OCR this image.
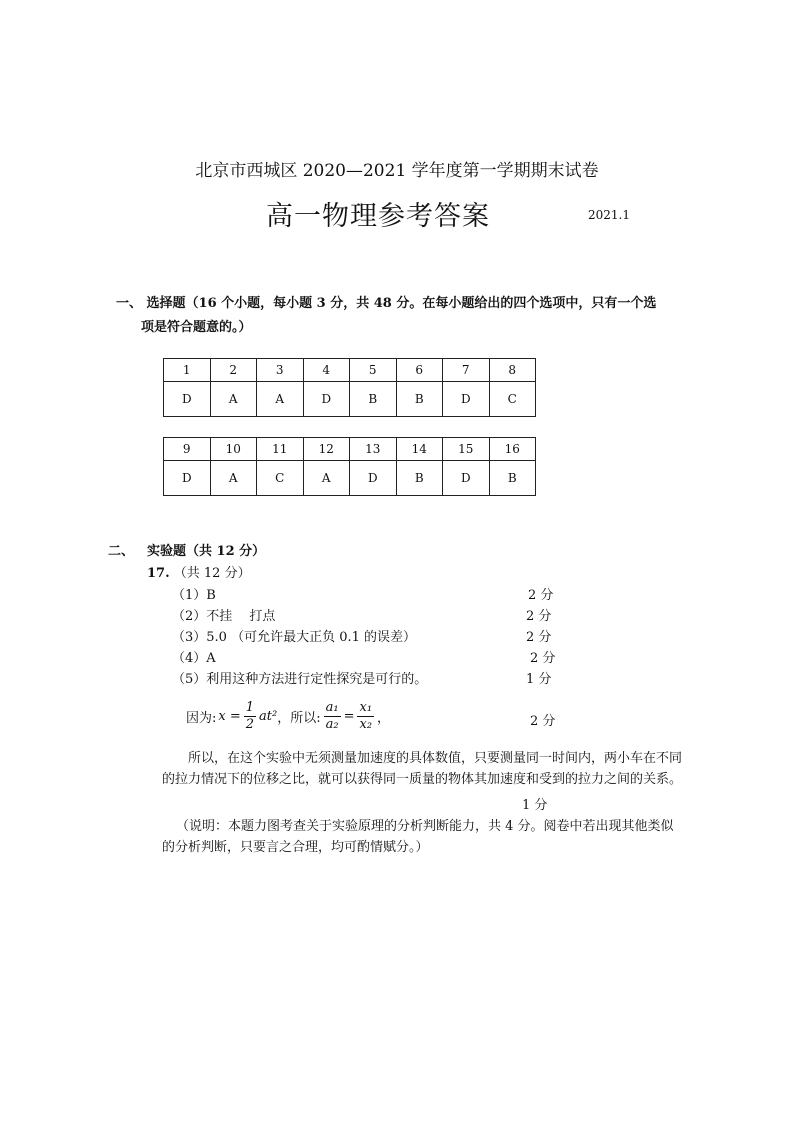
北京市西城区 2020—2021 学年度第一学期期末试卷
高一物理参考答案	2021.1
一、 选择题（16 个小题，每小题 3 分，共 48 分。在每小题给出的四个选项中，只有一个选
项是符合题意的。）
1	2	3	4	5	6	7	8
D	A	A	D	B	B	D	C
9	10	11	12	13	14	15	16
D	A	C	A	D	B	D	B
二、 实验题（共 12 分）
17. （共 12 分）
（1）B	2 分
（2）不挂　 打点	2 分
（3）5.0 （可允许最大正负 0.1 的误差）	2 分
（4）A	2 分
（5）利用这种方法进行定性探究是可行的。	1 分
因为: $x = \frac{1}{2} at^2$ ，所以: $\frac{\text{a₁}}{\text{a₂}} = \frac{\text{x₁}}{\text{x₂}}$ ，	2 分
所以，在这个实验中无须测量加速度的具体数值，只要测量同一时间内，两小车在不同的拉力情况下的位移之比，就可以获得同一质量的物体其加速度和受到的拉力之间的关系。
1 分
（说明：本题力图考查关于实验原理的分析判断能力，共 4 分。阅卷中若出现其他类似的分析判断，只要言之合理，均可酌情赋分。）
